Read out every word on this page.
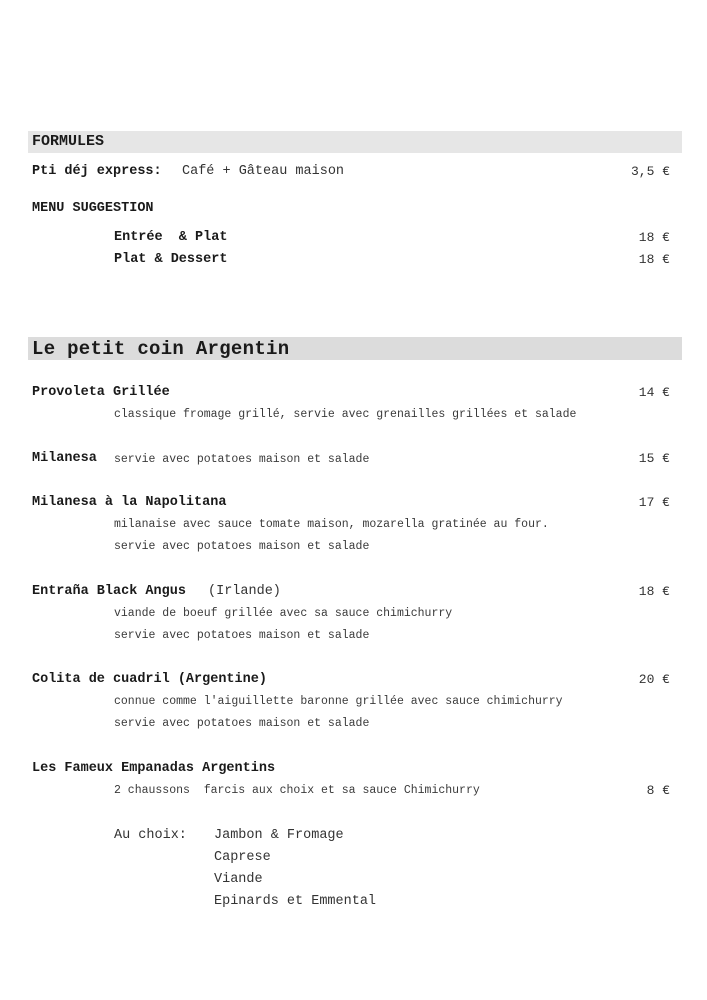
FORMULES
Pti déj express: Café + Gâteau maison	3,5 €
MENU SUGGESTION
Entrée  & Plat	18 €
Plat & Dessert	18 €
Le petit coin Argentin
Provoleta Grillée	14 €
classique fromage grillé, servie avec grenailles grillées et salade
Milanesa servie avec potatoes maison et salade	15 €
Milanesa à la Napolitana	17 €
milanaise avec sauce tomate maison, mozarella gratinée au four.
servie avec potatoes maison et salade
Entraña Black Angus (Irlande)	18 €
viande de boeuf grillée avec sa sauce chimichurry
servie avec potatoes maison et salade
Colita de cuadril (Argentine)	20 €
connue comme l'aiguillette baronne grillée avec sauce chimichurry
servie avec potatoes maison et salade
Les Fameux Empanadas Argentins
2 chaussons  farcis aux choix et sa sauce Chimichurry	8 €
Au choix: Jambon & Fromage
Caprese
Viande
Epinards et Emmental
